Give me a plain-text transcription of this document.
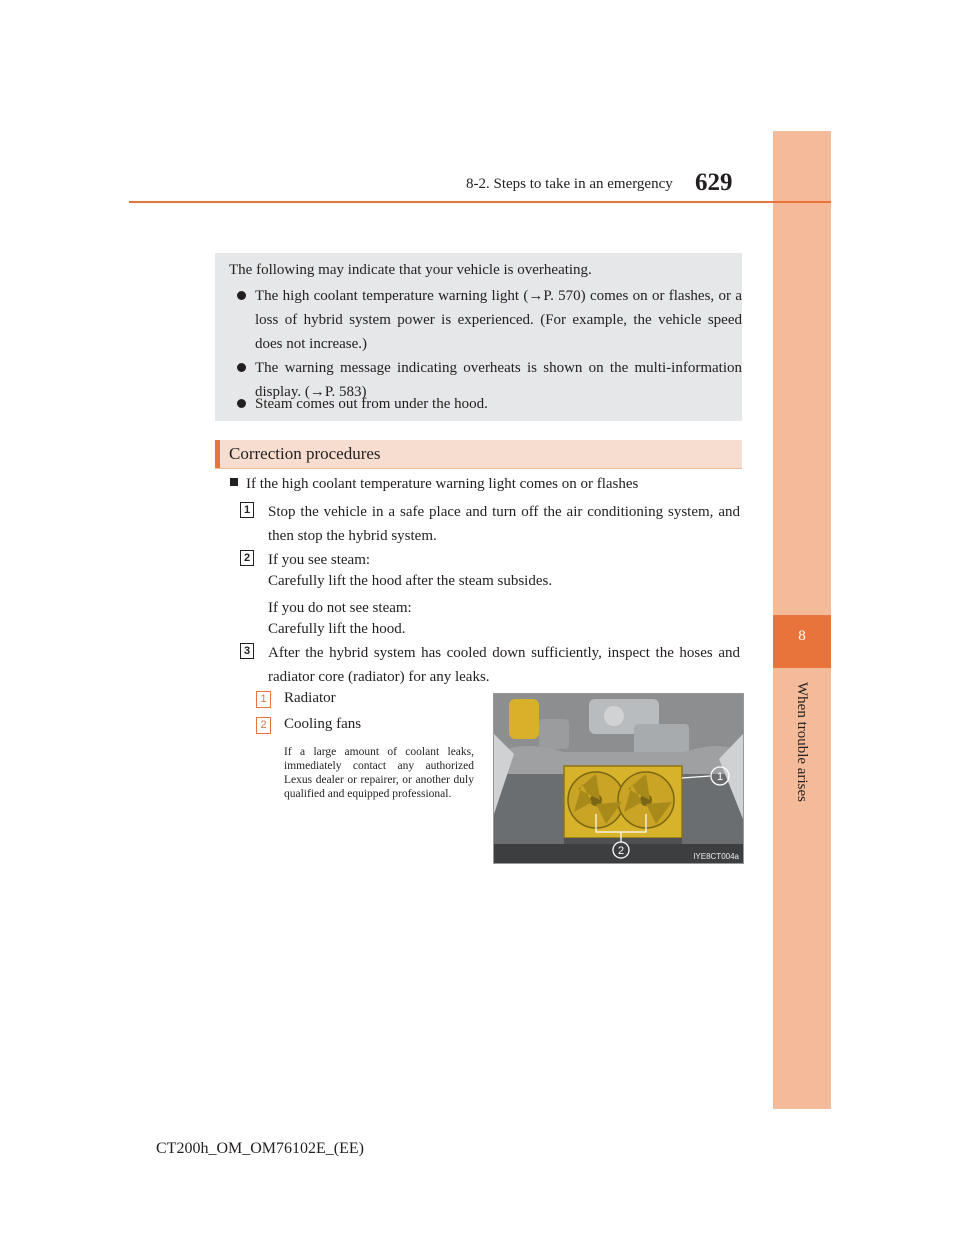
8
When trouble arises
8-2. Steps to take in an emergency 629
The following may indicate that your vehicle is overheating.
The high coolant temperature warning light (→P. 570) comes on or flashes, or a loss of hybrid system power is experienced. (For example, the vehicle speed does not increase.)
The warning message indicating overheats is shown on the multi-information display. (→P. 583)
Steam comes out from under the hood.
Correction procedures
If the high coolant temperature warning light comes on or flashes
1 Stop the vehicle in a safe place and turn off the air conditioning system, and then stop the hybrid system.
2 If you see steam:
Carefully lift the hood after the steam subsides.
If you do not see steam:
Carefully lift the hood.
3 After the hybrid system has cooled down sufficiently, inspect the hoses and radiator core (radiator) for any leaks.
1 Radiator
2 Cooling fans
If a large amount of coolant leaks, immediately contact any authorized Lexus dealer or repairer, or another duly qualified and equipped professional.
1
2	IYE8CT004a
CT200h_OM_OM76102E_(EE)
